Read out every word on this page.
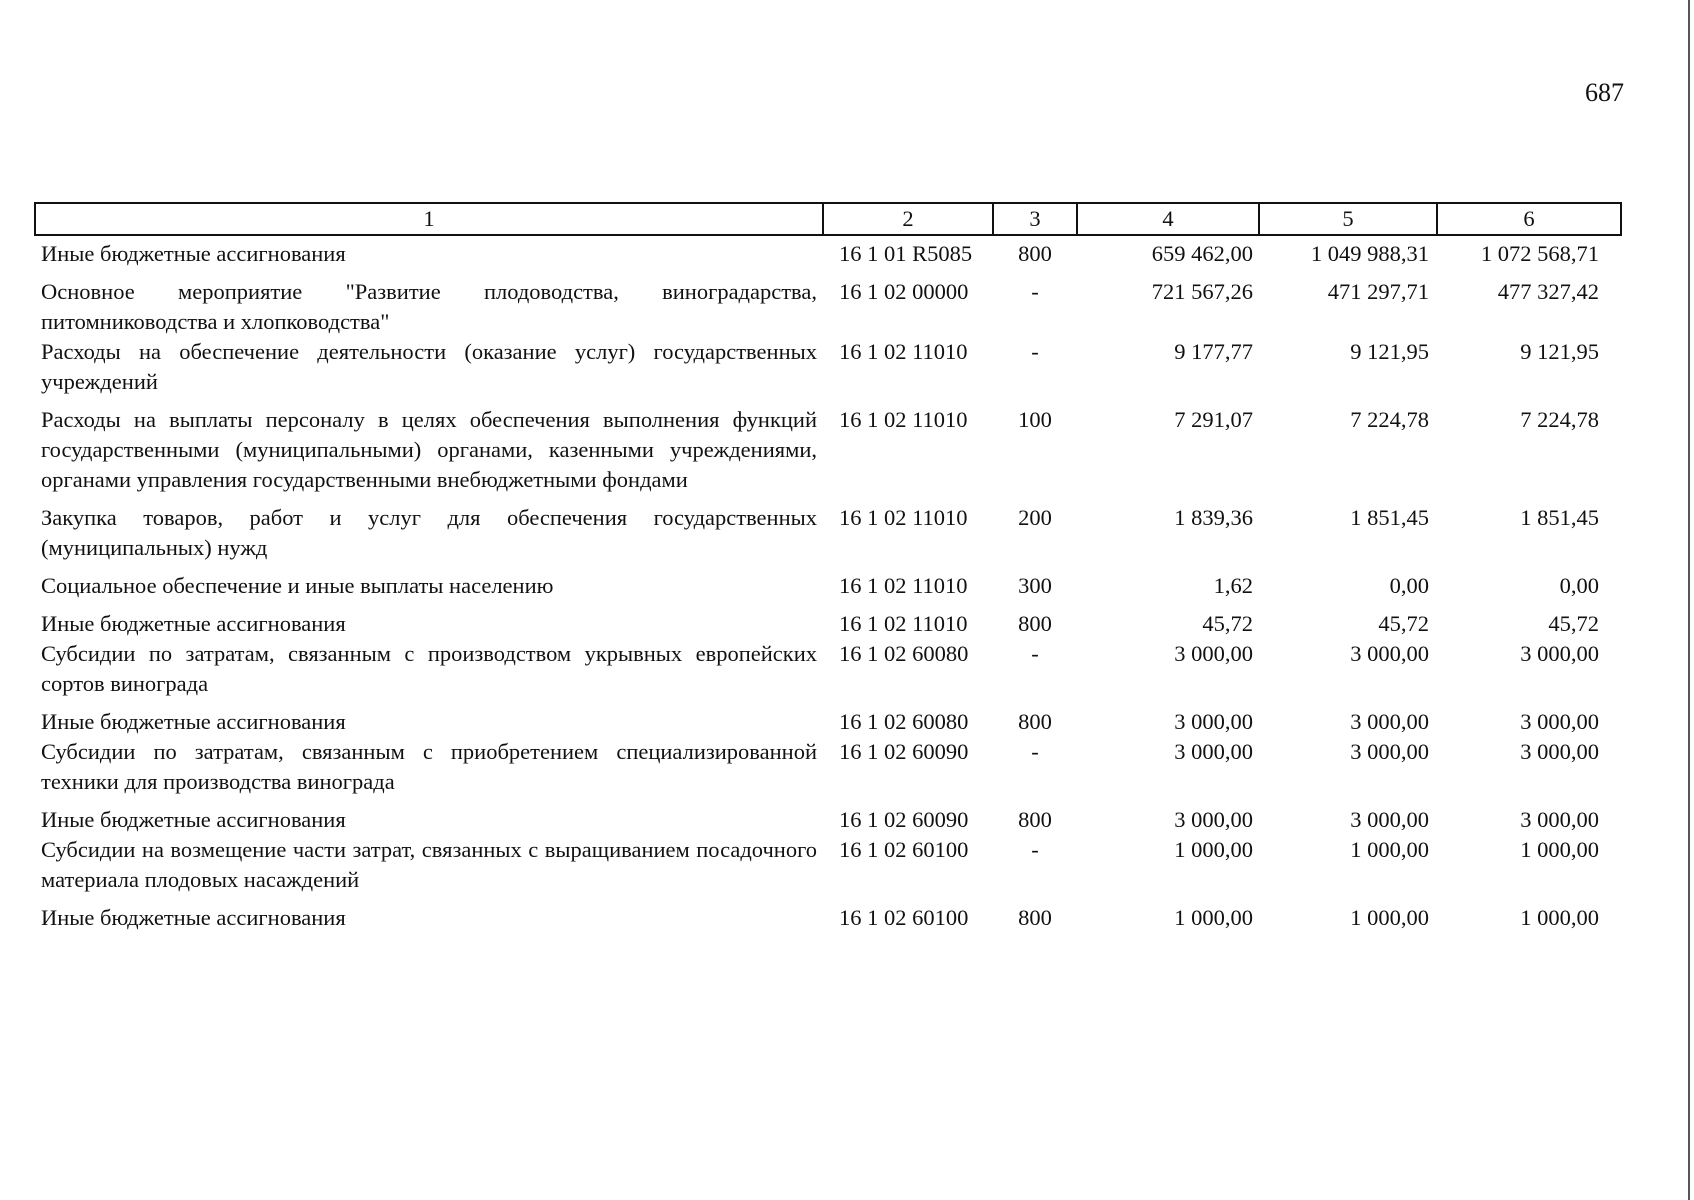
687
1	2	3	4	5	6
Иные бюджетные ассигнования	16 1 01 R5085	800	659 462,00	1 049 988,31	1 072 568,71
Основное мероприятие "Развитие плодоводства, виноградарства, питомниководства и хлопководства"	16 1 02 00000	-	721 567,26	471 297,71	477 327,42
Расходы на обеспечение деятельности (оказание услуг) государственных учреждений	16 1 02 11010	-	9 177,77	9 121,95	9 121,95
Расходы на выплаты персоналу в целях обеспечения выполнения функций государственными (муниципальными) органами, казенными учреждениями, органами управления государственными внебюджетными фондами	16 1 02 11010	100	7 291,07	7 224,78	7 224,78
Закупка товаров, работ и услуг для обеспечения государственных (муниципальных) нужд	16 1 02 11010	200	1 839,36	1 851,45	1 851,45
Социальное обеспечение и иные выплаты населению	16 1 02 11010	300	1,62	0,00	0,00
Иные бюджетные ассигнования	16 1 02 11010	800	45,72	45,72	45,72
Субсидии по затратам, связанным с производством укрывных европейских сортов винограда	16 1 02 60080	-	3 000,00	3 000,00	3 000,00
Иные бюджетные ассигнования	16 1 02 60080	800	3 000,00	3 000,00	3 000,00
Субсидии по затратам, связанным с приобретением специализированной техники для производства винограда	16 1 02 60090	-	3 000,00	3 000,00	3 000,00
Иные бюджетные ассигнования	16 1 02 60090	800	3 000,00	3 000,00	3 000,00
Субсидии на возмещение части затрат, связанных с выращиванием посадочного материала плодовых насаждений	16 1 02 60100	-	1 000,00	1 000,00	1 000,00
Иные бюджетные ассигнования	16 1 02 60100	800	1 000,00	1 000,00	1 000,00
